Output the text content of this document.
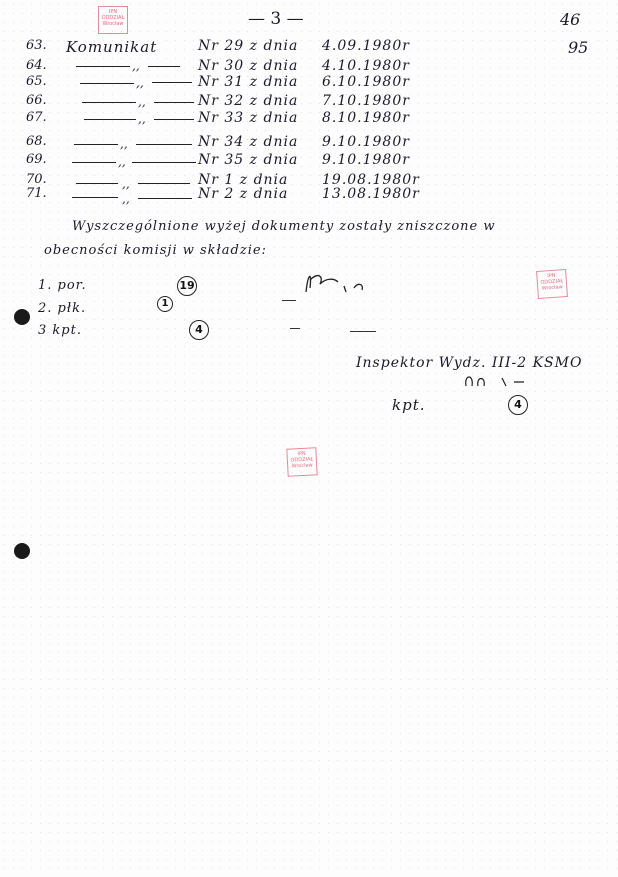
IPN
ODDZIAŁ
Wrocław
IPN
ODDZIAŁ
Wrocław
IPN
ODDZIAŁ
Wrocław
— 3 —	46
95
63. Komunikat	Nr 29 z dnia 4.09.1980r
64.	,,	Nr 30 z dnia 4.10.1980r
65.	,,	Nr 31 z dnia 6.10.1980r
66.	,,	Nr 32 z dnia 7.10.1980r
67.	,,	Nr 33 z dnia 8.10.1980r
68.	,,	Nr 34 z dnia 9.10.1980r
69.	,,	Nr 35 z dnia 9.10.1980r
70.	,,	Nr 1 z dnia 19.08.1980r
71.	,,	Nr 2 z dnia 13.08.1980r
Wyszczególnione wyżej dokumenty zostały zniszczone w
obecności komisji w składzie:
1. por.	19
2. płk.	1
3 kpt.	4
Inspektor Wydz. III-2 KSMO
kpt.	4
